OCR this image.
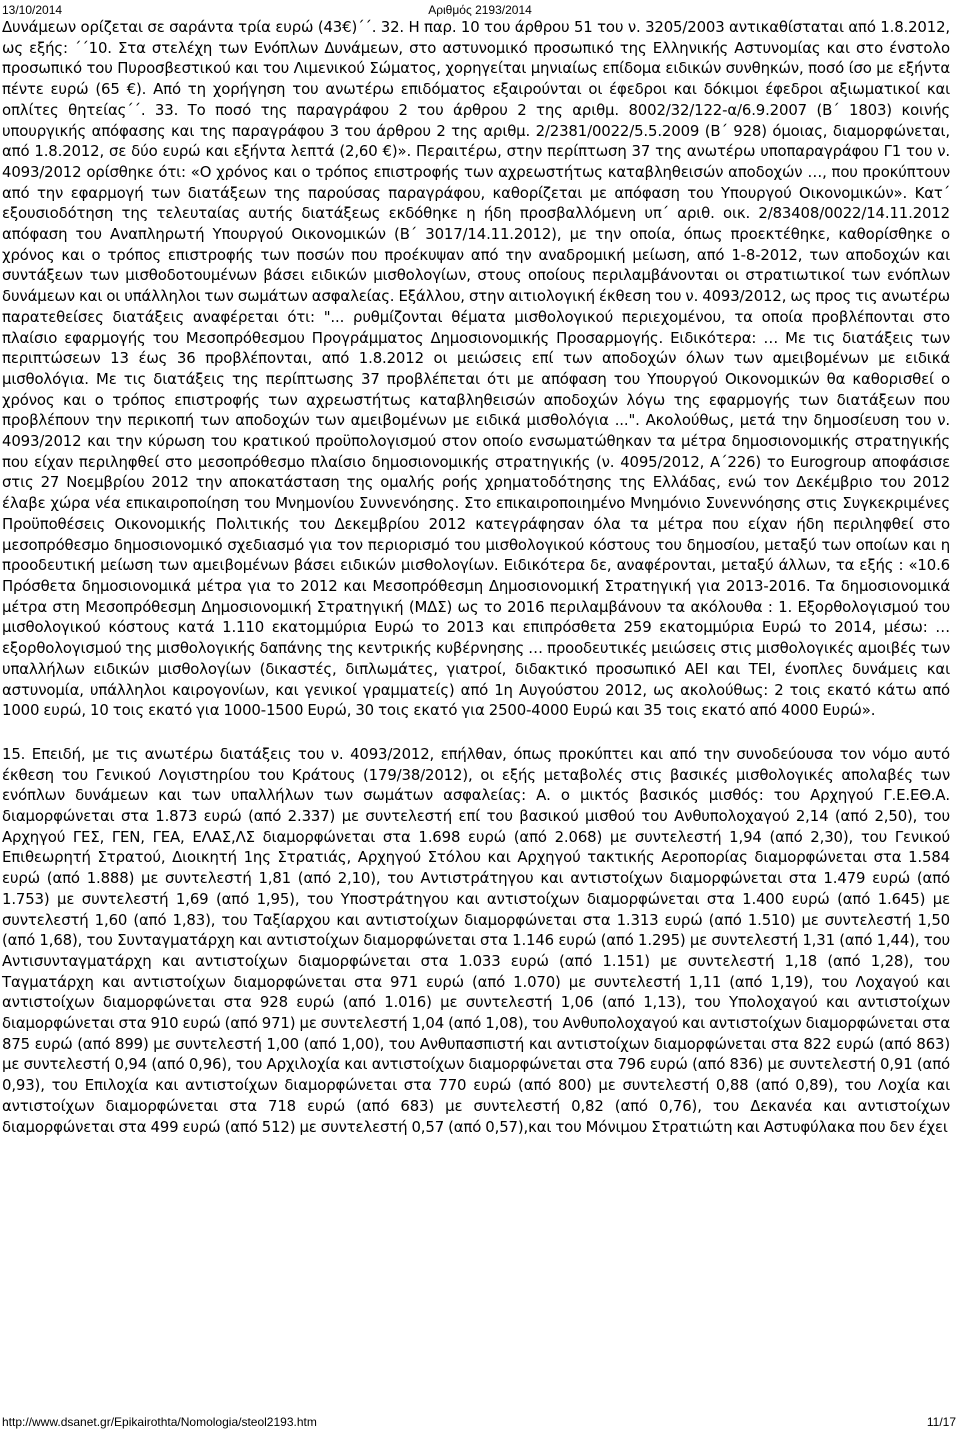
13/10/2014	Αριθμός 2193/2014

Δυνάμεων ορίζεται σε σαράντα τρία ευρώ (43€)΄΄. 32. Η παρ. 10 του άρθρου 51 του ν. 3205/2003 αντικαθίσταται από 1.8.2012, ως εξής: ΄΄10. Στα στελέχη των Ενόπλων Δυνάμεων, στο αστυνομικό προσωπικό της Ελληνικής Αστυνομίας και στο ένστολο προσωπικό του Πυροσβεστικού και του Λιμενικού Σώματος, χορηγείται μηνιαίως επίδομα ειδικών συνθηκών, ποσό ίσο με εξήντα πέντε ευρώ (65 €). Από τη χορήγηση του ανωτέρω επιδόματος εξαιρούνται οι έφεδροι και δόκιμοι έφεδροι αξιωματικοί και οπλίτες θητείας΄΄. 33. Το ποσό της παραγράφου 2 του άρθρου 2 της αριθμ. 8002/32/122-α/6.9.2007 (Β΄ 1803) κοινής υπουργικής απόφασης και της παραγράφου 3 του άρθρου 2 της αριθμ. 2/2381/0022/5.5.2009 (Β΄ 928) όμοιας, διαμορφώνεται, από 1.8.2012, σε δύο ευρώ και εξήντα λεπτά (2,60 €)». Περαιτέρω, στην περίπτωση 37 της ανωτέρω υποπαραγράφου Γ1 του ν. 4093/2012 ορίσθηκε ότι: «Ο χρόνος και ο τρόπος επιστροφής των αχρεωστήτως καταβληθεισών αποδοχών …, που προκύπτουν από την εφαρμογή των διατάξεων της παρούσας παραγράφου, καθορίζεται με απόφαση του Υπουργού Οικονομικών». Κατ΄ εξουσιοδότηση της τελευταίας αυτής διατάξεως εκδόθηκε η ήδη προσβαλλόμενη υπ΄ αριθ. οικ. 2/83408/0022/14.11.2012 απόφαση του Αναπληρωτή Υπουργού Οικονομικών (Β΄ 3017/14.11.2012), με την οποία, όπως προεκτέθηκε, καθορίσθηκε ο χρόνος και ο τρόπος επιστροφής των ποσών που προέκυψαν από την αναδρομική μείωση, από 1-8-2012, των αποδοχών και συντάξεων των μισθοδοτουμένων βάσει ειδικών μισθολογίων, στους οποίους περιλαμβάνονται οι στρατιωτικοί των ενόπλων δυνάμεων και οι υπάλληλοι των σωμάτων ασφαλείας. Εξάλλου, στην αιτιολογική έκθεση του ν. 4093/2012, ως προς τις ανωτέρω παρατεθείσες διατάξεις αναφέρεται ότι: "... ρυθμίζονται θέματα μισθολογικού περιεχομένου, τα οποία προβλέπονται στο πλαίσιο εφαρμογής του Μεσοπρόθεσμου Προγράμματος Δημοσιονομικής Προσαρμογής. Ειδικότερα: … Με τις διατάξεις των περιπτώσεων 13 έως 36 προβλέπονται, από 1.8.2012 οι μειώσεις επί των αποδοχών όλων των αμειβομένων με ειδικά μισθολόγια. Με τις διατάξεις της περίπτωσης 37 προβλέπεται ότι με απόφαση του Υπουργού Οικονομικών θα καθορισθεί ο χρόνος και ο τρόπος επιστροφής των αχρεωστήτως καταβληθεισών αποδοχών λόγω της εφαρμογής των διατάξεων που προβλέπουν την περικοπή των αποδοχών των αμειβομένων με ειδικά μισθολόγια ...". Ακολούθως, μετά την δημοσίευση του ν. 4093/2012 και την κύρωση του κρατικού προϋπολογισμού στον οποίο ενσωματώθηκαν τα μέτρα δημοσιονομικής στρατηγικής που είχαν περιληφθεί στο μεσοπρόθεσμο πλαίσιο δημοσιονομικής στρατηγικής (ν. 4095/2012, Α΄226) το Eurogroup αποφάσισε στις 27 Νοεμβρίου 2012 την αποκατάσταση της ομαλής ροής χρηματοδότησης της Ελλάδας, ενώ τον Δεκέμβριο του 2012 έλαβε χώρα νέα επικαιροποίηση του Μνημονίου Συννενόησης. Στο επικαιροποιημένο Μνημόνιο Συνεννόησης στις Συγκεκριμένες Προϋποθέσεις Οικονομικής Πολιτικής του Δεκεμβρίου 2012 κατεγράφησαν όλα τα μέτρα που είχαν ήδη περιληφθεί στο μεσοπρόθεσμο δημοσιονομικό σχεδιασμό για τον περιορισμό του μισθολογικού κόστους του δημοσίου, μεταξύ των οποίων και η προοδευτική μείωση των αμειβομένων βάσει ειδικών μισθολογίων. Ειδικότερα δε, αναφέρονται, μεταξύ άλλων, τα εξής : «10.6 Πρόσθετα δημοσιονομικά μέτρα για το 2012 και Μεσοπρόθεσμη Δημοσιονομική Στρατηγική για 2013-2016. Τα δημοσιονομικά μέτρα στη Μεσοπρόθεσμη Δημοσιονομική Στρατηγική (ΜΔΣ) ως το 2016 περιλαμβάνουν τα ακόλουθα : 1. Εξορθολογισμού του μισθολογικού κόστους κατά 1.110 εκατομμύρια Ευρώ το 2013 και επιπρόσθετα 259 εκατομμύρια Ευρώ το 2014, μέσω: … εξορθολογισμού της μισθολογικής δαπάνης της κεντρικής κυβέρνησης … προοδευτικές μειώσεις στις μισθολογικές αμοιβές των υπαλλήλων ειδικών μισθολογίων (δικαστές, διπλωμάτες, γιατροί, διδακτικό προσωπικό ΑΕΙ και ΤΕΙ, ένοπλες δυνάμεις και αστυνομία, υπάλληλοι καιρογονίων, και γενικοί γραμματείς) από 1η Αυγούστου 2012, ως ακολούθως: 2 τοις εκατό κάτω από 1000 ευρώ, 10 τοις εκατό για 1000-1500 Ευρώ, 30 τοις εκατό για 2500-4000 Ευρώ και 35 τοις εκατό από 4000 Ευρώ».

15. Επειδή, με τις ανωτέρω διατάξεις του ν. 4093/2012, επήλθαν, όπως προκύπτει και από την συνοδεύουσα τον νόμο αυτό έκθεση του Γενικού Λογιστηρίου του Κράτους (179/38/2012), οι εξής μεταβολές στις βασικές μισθολογικές απολαβές των ενόπλων δυνάμεων και των υπαλλήλων των σωμάτων ασφαλείας: Α. ο μικτός βασικός μισθός: του Αρχηγού Γ.Ε.ΕΘ.Α. διαμορφώνεται στα 1.873 ευρώ (από 2.337) με συντελεστή επί του βασικού μισθού του Ανθυπολοχαγού 2,14 (από 2,50), του Αρχηγού ΓΕΣ, ΓΕΝ, ΓΕΑ, ΕΛΑΣ,ΛΣ διαμορφώνεται στα 1.698 ευρώ (από 2.068) με συντελεστή 1,94 (από 2,30), του Γενικού Επιθεωρητή Στρατού, Διοικητή 1ης Στρατιάς, Αρχηγού Στόλου και Αρχηγού τακτικής Αεροπορίας διαμορφώνεται στα 1.584 ευρώ (από 1.888) με συντελεστή 1,81 (από 2,10), του Αντιστράτηγου και αντιστοίχων διαμορφώνεται στα 1.479 ευρώ (από 1.753) με συντελεστή 1,69 (από 1,95), του Υποστράτηγου και αντιστοίχων διαμορφώνεται στα 1.400 ευρώ (από 1.645) με συντελεστή 1,60 (από 1,83), του Ταξίαρχου και αντιστοίχων διαμορφώνεται στα 1.313 ευρώ (από 1.510) με συντελεστή 1,50 (από 1,68), του Συνταγματάρχη και αντιστοίχων διαμορφώνεται στα 1.146 ευρώ (από 1.295) με συντελεστή 1,31 (από 1,44), του Αντισυνταγματάρχη και αντιστοίχων διαμορφώνεται στα 1.033 ευρώ (από 1.151) με συντελεστή 1,18 (από 1,28), του Ταγματάρχη και αντιστοίχων διαμορφώνεται στα 971 ευρώ (από 1.070) με συντελεστή 1,11 (από 1,19), του Λοχαγού και αντιστοίχων διαμορφώνεται στα 928 ευρώ (από 1.016) με συντελεστή 1,06 (από 1,13), του Υπολοχαγού και αντιστοίχων διαμορφώνεται στα 910 ευρώ (από 971) με συντελεστή 1,04 (από 1,08), του Ανθυπολοχαγού και αντιστοίχων διαμορφώνεται στα 875 ευρώ (από 899) με συντελεστή 1,00 (από 1,00), του Ανθυπασπιστή και αντιστοίχων διαμορφώνεται στα 822 ευρώ (από 863) με συντελεστή 0,94 (από 0,96), του Αρχιλοχία και αντιστοίχων διαμορφώνεται στα 796 ευρώ (από 836) με συντελεστή 0,91 (από 0,93), του Επιλοχία και αντιστοίχων διαμορφώνεται στα 770 ευρώ (από 800) με συντελεστή 0,88 (από 0,89), του Λοχία και αντιστοίχων διαμορφώνεται στα 718 ευρώ (από 683) με συντελεστή 0,82 (από 0,76), του Δεκανέα και αντιστοίχων διαμορφώνεται στα 499 ευρώ (από 512) με συντελεστή 0,57 (από 0,57),και του Μόνιμου Στρατιώτη και Αστυφύλακα που δεν έχει

http://www.dsanet.gr/Epikairothta/Nomologia/steol2193.htm	11/17
